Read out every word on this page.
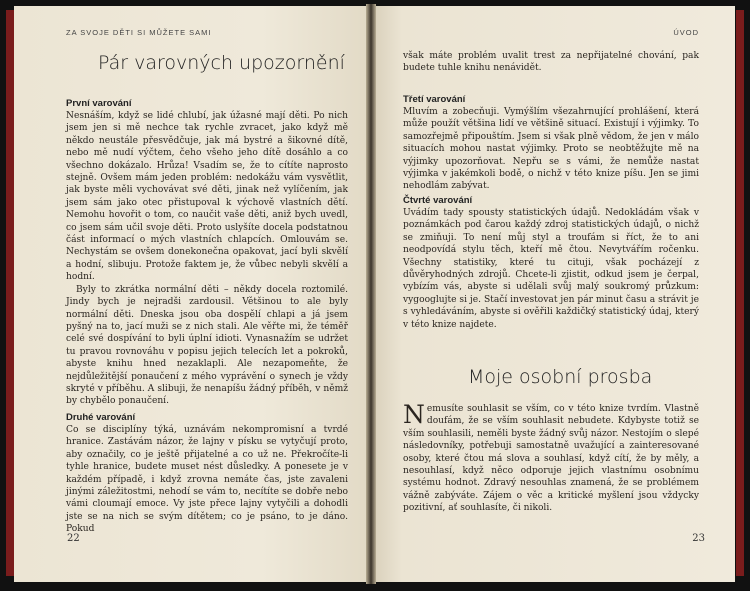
ZA SVOJE DĚTI SI MŮŽETE SAMI
Pár varovných upozornění
První varování

Nesnáším, když se lidé chlubí, jak úžasné mají děti. Po nich jsem jen si mě nechce tak rychle zvracet, jako když mě někdo neustále přesvědčuje, jak má bystré a šikovné dítě, nebo mě nudí výčtem, čeho všeho jeho dítě dosáhlo a co všechno dokázalo. Hrůza! Vsadím se, že to cítíte naprosto stejně. Ovšem mám jeden problém: nedokážu vám vysvětlit, jak byste měli vychovávat své děti, jinak než vylíčením, jak jsem sám jako otec přistupoval k výchově vlastních dětí. Nemohu hovořit o tom, co naučit vaše děti, aniž bych uvedl, co jsem sám učil svoje děti. Proto uslyšíte docela podstatnou část informací o mých vlastních chlapcích. Omlouvám se. Nechystám se ovšem donekonečna opakovat, jací byli skvělí a hodní, slibuju. Protože faktem je, že vůbec nebyli skvělí a hodní.

Byly to zkrátka normální děti – někdy docela roztomilé. Jindy bych je nejradši zardousil. Většinou to ale byly normální děti. Dneska jsou oba dospělí chlapi a já jsem pyšný na to, jací muži se z nich stali. Ale věřte mi, že téměř celé své dospívání to byli úplní idioti. Vynasnažím se udržet tu pravou rovnováhu v popisu jejich telecích let a pokroků, abyste knihu hned nezaklapli. Ale nezapomeňte, že nejdůležitější ponaučení z mého vyprávění o synech je vždy skryté v příběhu. A slibuji, že nenapíšu žádný příběh, v němž by chybělo ponaučení.

Druhé varování

Co se disciplíny týká, uznávám nekompromisní a tvrdé hranice. Zastávám názor, že lajny v písku se vytyčují proto, aby označily, co je ještě přijatelné a co už ne. Překročíte-li tyhle hranice, budete muset nést důsledky. A ponesete je v každém případě, i když zrovna nemáte čas, jste zavaleni jinými záležitostmi, nehodí se vám to, necítíte se dobře nebo vámi cloumají emoce. Vy jste přece lajny vytyčili a dohodli jste se na nich se svým dítětem; co je psáno, to je dáno. Pokud

22
ÚVOD

však máte problém uvalit trest za nepřijatelné chování, pak budete tuhle knihu nenávidět.

Třetí varování

Mluvím a zobecňuji. Vymýšlím všezahrnující prohlášení, která může použít většina lidí ve většině situací. Existují i výjimky. To samozřejmě připouštím. Jsem si však plně vědom, že jen v málo situacích mohou nastat výjimky. Proto se neobtěžujte mě na výjimky upozorňovat. Nepřu se s vámi, že nemůže nastat výjimka v jakémkoli bodě, o nichž v této knize píšu. Jen se jimi nehodlám zabývat.

Čtvrté varování

Uvádím tady spousty statistických údajů. Nedokládám však v poznámkách pod čarou každý zdroj statistických údajů, o nichž se zmiňuji. To není můj styl a troufám si říct, že to ani neodpovídá stylu těch, kteří mě čtou. Nevytvářím ročenku. Všechny statistiky, které tu cituji, však pocházejí z důvěryhodných zdrojů. Chcete-li zjistit, odkud jsem je čerpal, vybízím vás, abyste si udělali svůj malý soukromý průzkum: vygooglujte si je. Stačí investovat jen pár minut času a strávit je s vyhledáváním, abyste si ověřili každičký statistický údaj, který v této knize najdete.

Moje osobní prosba

Nemusíte souhlasit se vším, co v této knize tvrdím. Vlastně doufám, že se vším souhlasit nebudete. Kdybyste totiž se vším souhlasili, neměli byste žádný svůj názor. Nestojím o slepé následovníky, potřebuji samostatně uvažující a zainteresované osoby, které čtou má slova a souhlasí, když cítí, že by měly, a nesouhlasí, když něco odporuje jejich vlastnímu osobnímu systému hodnot. Zdravý nesouhlas znamená, že se problémem vážně zabýváte. Zájem o věc a kritické myšlení jsou vždycky pozitivní, ať souhlasíte, či nikoli.

23
